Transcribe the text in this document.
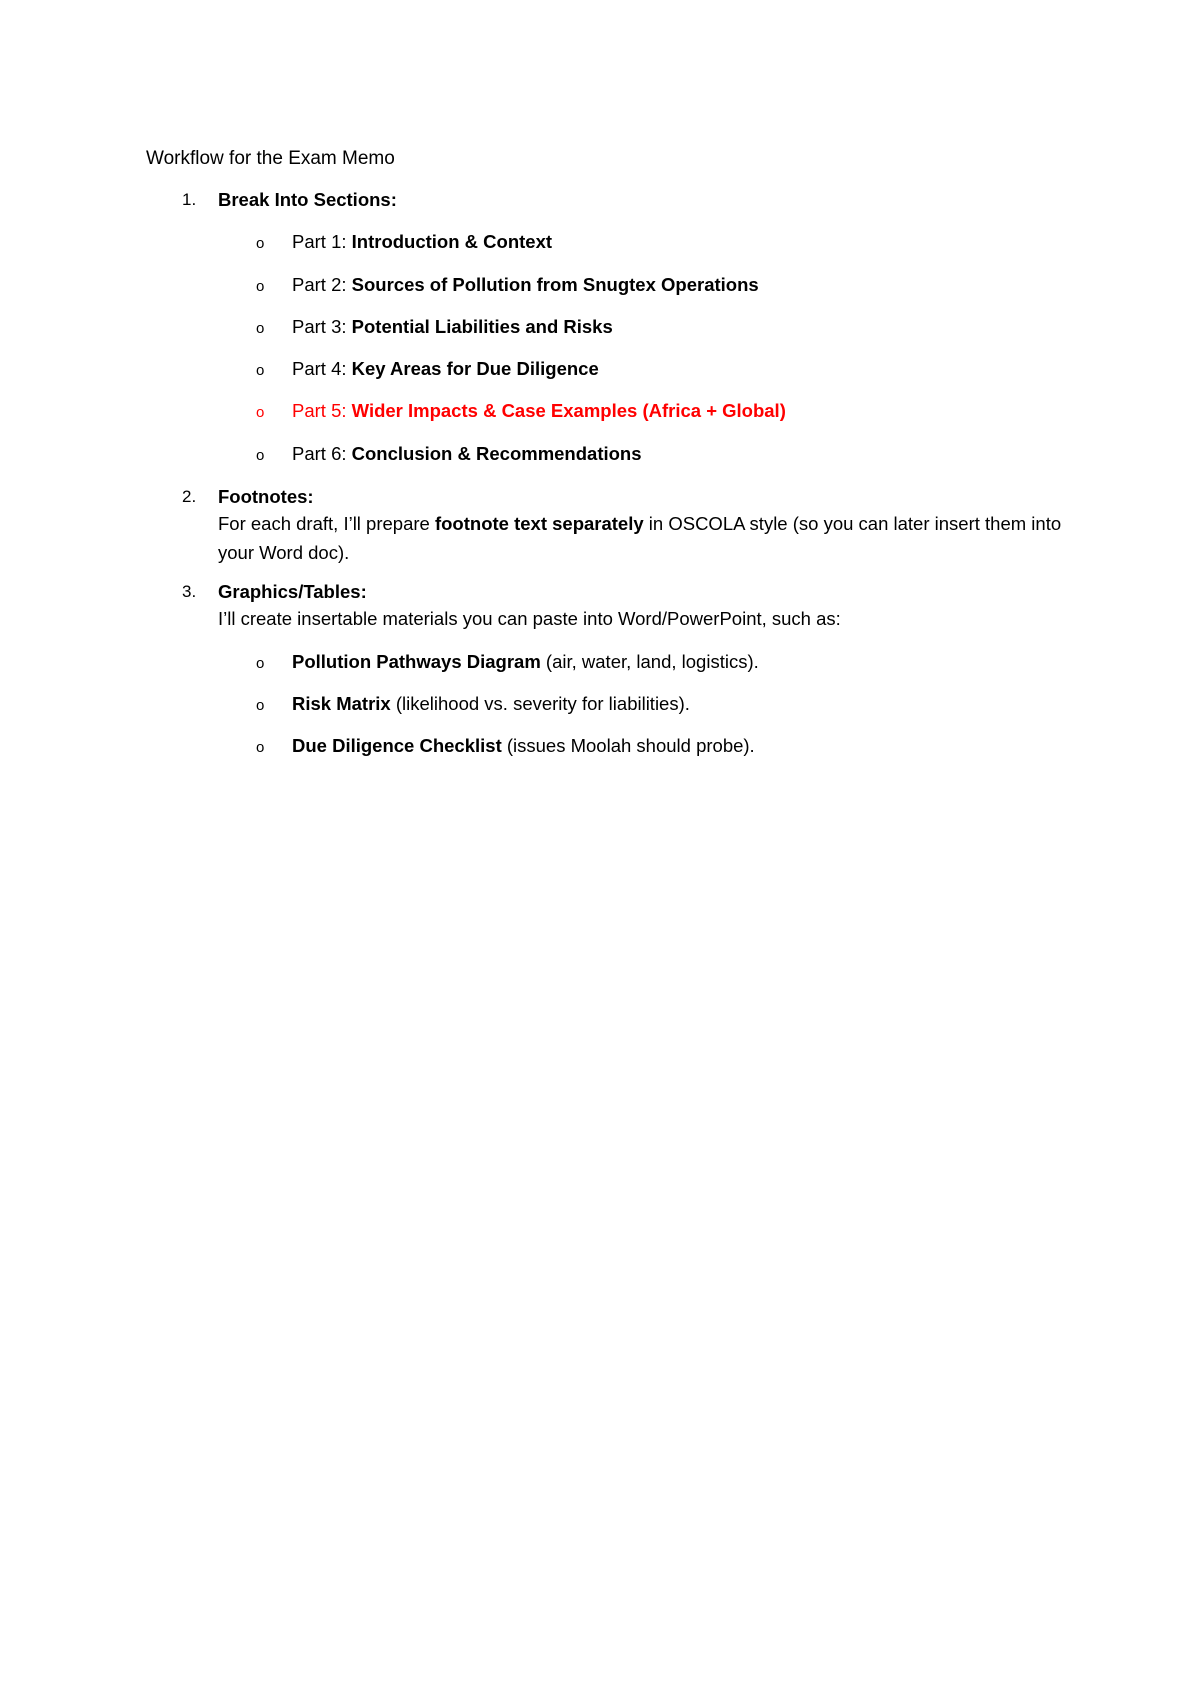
Workflow for the Exam Memo
1.	Break Into Sections:
o	Part 1: Introduction & Context
o	Part 2: Sources of Pollution from Snugtex Operations
o	Part 3: Potential Liabilities and Risks
o	Part 4: Key Areas for Due Diligence
o	Part 5: Wider Impacts & Case Examples (Africa + Global)
o	Part 6: Conclusion & Recommendations
2.	Footnotes:
For each draft, I’ll prepare footnote text separately in OSCOLA style (so you can later insert them into your Word doc).
3.	Graphics/Tables:
I’ll create insertable materials you can paste into Word/PowerPoint, such as:
o	Pollution Pathways Diagram (air, water, land, logistics).
o	Risk Matrix (likelihood vs. severity for liabilities).
o	Due Diligence Checklist (issues Moolah should probe).
